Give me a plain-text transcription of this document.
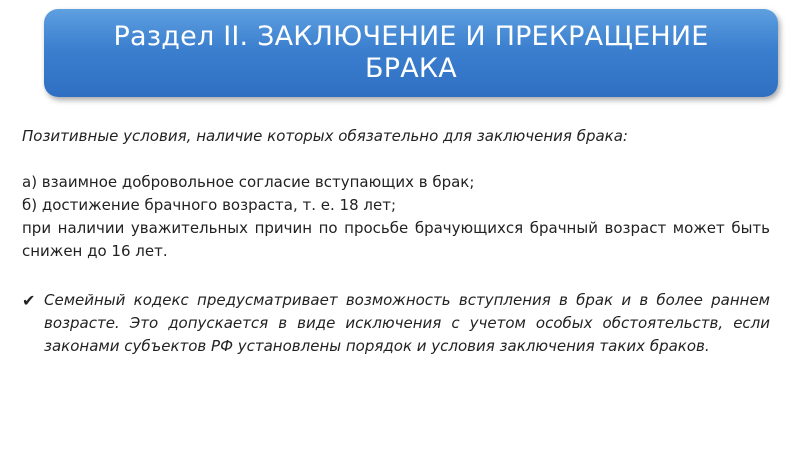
Раздел II. ЗАКЛЮЧЕНИЕ И ПРЕКРАЩЕНИЕ БРАКА

Позитивные условия, наличие которых обязательно для заключения брака:

а) взаимное добровольное согласие вступающих в брак;

б) достижение брачного возраста, т. е. 18 лет;

при наличии уважительных причин по просьбе брачующихся брачный возраст может быть снижен до 16 лет.

✔ Семейный кодекс предусматривает возможность вступления в брак и в более раннем возрасте. Это допускается в виде исключения с учетом особых обстоятельств, если законами субъектов РФ установлены порядок и условия заключения таких браков.
